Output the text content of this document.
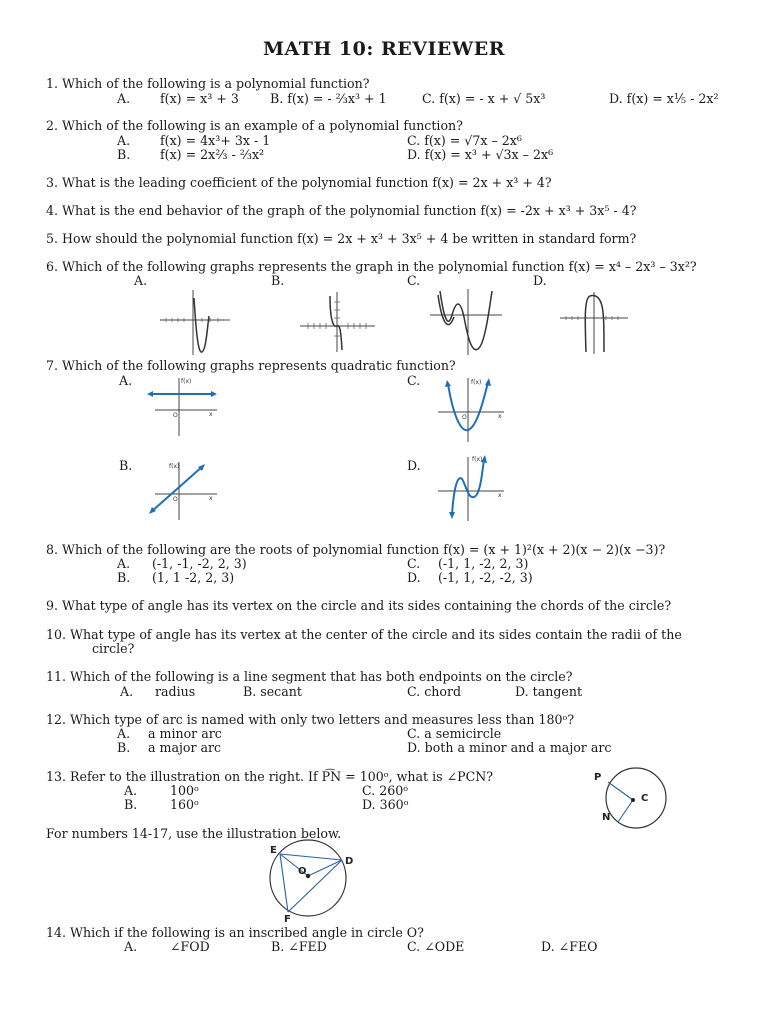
MATH 10: REVIEWER
1. Which of the following is a polynomial function?
A. f(x) = x³ + 3 B. f(x) = - ⅔x³ + 1	C. f(x) = - x + √ 5x³	D. f(x) = x⅕ - 2x²
2. Which of the following is an example of a polynomial function?
A. f(x) = 4x³+ 3x - 1	C. f(x) = √7x – 2x⁶
B. f(x) = 2x⅔ - ⅔x²	D. f(x) = x³ + √3x – 2x⁶
3. What is the leading coefficient of the polynomial function f(x) = 2x + x³ + 4?
4. What is the end behavior of the graph of the polynomial function f(x) = -2x + x³ + 3x⁵ - 4?
5. How should the polynomial function f(x) = 2x + x³ + 3x⁵ + 4 be written in standard form?
6. Which of the following graphs represents the graph in the polynomial function f(x) = x⁴ – 2x³ – 3x²?
A.	B.	C.	D.
7. Which of the following graphs represents quadratic function?
A.	C.
B.	D.
f(x)
O	x
f(x)
O	x
f(x)
O	x
f(x)
x
8. Which of the following are the roots of polynomial function f(x) = (x + 1)²(x + 2)(x − 2)(x −3)?
A. (-1, -1, -2, 2, 3)	C. (-1, 1, -2, 2, 3)
B. (1, 1 -2, 2, 3)	D. (-1, 1, -2, -2, 3)
9. What type of angle has its vertex on the circle and its sides containing the chords of the circle?
10. What type of angle has its vertex at the center of the circle and its sides contain the radii of the
circle?
11. Which of the following is a line segment that has both endpoints on the circle?
A. radius	B. secant	C. chord	D. tangent
12. Which type of arc is named with only two letters and measures less than 180ᵒ?
A. a minor arc	C. a semicircle
B. a major arc	D. both a minor and a major arc
13. Refer to the illustration on the right. If P͡N = 100ᵒ, what is ∠PCN?
A.	100ᵒ	C. 260ᵒ
B.	160ᵒ	D. 360ᵒ
P
C
N
For numbers 14-17, use the illustration below.
E
D
O
F
14. Which if the following is an inscribed angle in circle O?
A.	∠FOD	B. ∠FED	C. ∠ODE	D. ∠FEO
